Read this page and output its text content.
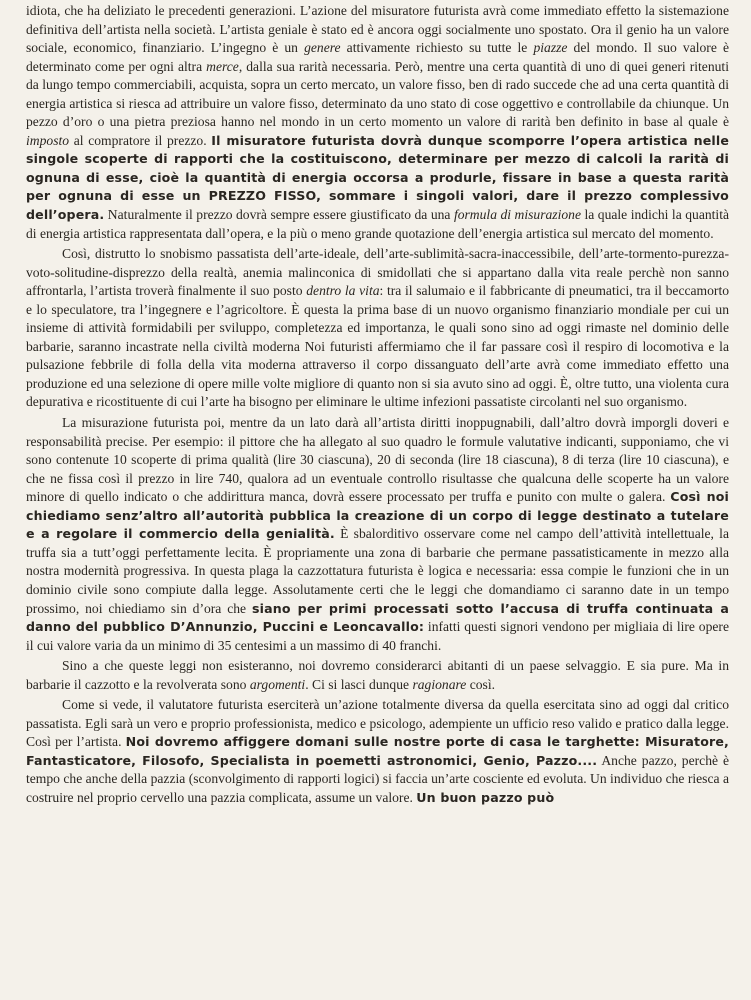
idiota, che ha deliziato le precedenti generazioni. L’azione del misuratore futurista avrà come immediato effetto la sistemazione definitiva dell’artista nella società. L’artista geniale è stato ed è ancora oggi socialmente uno spostato. Ora il genio ha un valore sociale, economico, finanziario. L’ingegno è un genere attivamente richiesto su tutte le piazze del mondo. Il suo valore è determinato come per ogni altra merce, dalla sua rarità necessaria. Però, mentre una certa quantità di uno di quei generi ritenuti da lungo tempo commerciabili, acquista, sopra un certo mercato, un valore fisso, ben di rado succede che ad una certa quantità di energia artistica si riesca ad attribuire un valore fisso, determinato da uno stato di cose oggettivo e controllabile da chiunque. Un pezzo d’oro o una pietra preziosa hanno nel mondo in un certo momento un valore di rarità ben definito in base al quale è imposto al compratore il prezzo. Il misuratore futurista dovrà dunque scomporre l’opera artistica nelle singole scoperte di rapporti che la costituiscono, determinare per mezzo di calcoli la rarità di ognuna di esse, cioè la quantità di energia occorsa a produrle, fissare in base a questa rarità per ognuna di esse un PREZZO FISSO, sommare i singoli valori, dare il prezzo complessivo dell’opera. Naturalmente il prezzo dovrà sempre essere giustificato da una formula di misurazione la quale indichi la quantità di energia artistica rappresentata dall’opera, e la più o meno grande quotazione dell’energia artistica sul mercato del momento.

Così, distrutto lo snobismo passatista dell’arte-ideale, dell’arte-sublimità-sacra-inaccessibile, dell’arte-tormento-purezza-voto-solitudine-disprezzo della realtà, anemia malinconica di smidollati che si appartano dalla vita reale perchè non sanno affrontarla, l’artista troverà finalmente il suo posto dentro la vita: tra il salumaio e il fabbricante di pneumatici, tra il beccamorto e lo speculatore, tra l’ingegnere e l’agricoltore. È questa la prima base di un nuovo organismo finanziario mondiale per cui un insieme di attività formidabili per sviluppo, completezza ed importanza, le quali sono sino ad oggi rimaste nel dominio delle barbarie, saranno incastrate nella civiltà moderna Noi futuristi affermiamo che il far passare così il respiro di locomotiva e la pulsazione febbrile di folla della vita moderna attraverso il corpo dissanguato dell’arte avrà come immediato effetto una produzione ed una selezione di opere mille volte migliore di quanto non si sia avuto sino ad oggi. È, oltre tutto, una violenta cura depurativa e ricostituente di cui l’arte ha bisogno per eliminare le ultime infezioni passatiste circolanti nel suo organismo.

La misurazione futurista poi, mentre da un lato darà all’artista diritti inoppugnabili, dall’altro dovrà imporgli doveri e responsabilità precise. Per esempio: il pittore che ha allegato al suo quadro le formule valutative indicanti, supponiamo, che vi sono contenute 10 scoperte di prima qualità (lire 30 ciascuna), 20 di seconda (lire 18 ciascuna), 8 di terza (lire 10 ciascuna), e che ne fissa così il prezzo in lire 740, qualora ad un eventuale controllo risultasse che qualcuna delle scoperte ha un valore minore di quello indicato o che addirittura manca, dovrà essere processato per truffa e punito con multe o galera. Così noi chiediamo senz’altro all’autorità pubblica la creazione di un corpo di legge destinato a tutelare e a regolare il commercio della genialità. È sbalorditivo osservare come nel campo dell’attività intellettuale, la truffa sia a tutt’oggi perfettamente lecita. È propriamente una zona di barbarie che permane passatisticamente in mezzo alla nostra modernità progressiva. In questa plaga la cazzottatura futurista è logica e necessaria: essa compie le funzioni che in un dominio civile sono compiute dalla legge. Assolutamente certi che le leggi che domandiamo ci saranno date in un tempo prossimo, noi chiediamo sin d’ora che siano per primi processati sotto l’accusa di truffa continuata a danno del pubblico D’Annunzio, Puccini e Leoncavallo: infatti questi signori vendono per migliaia di lire opere il cui valore varia da un minimo di 35 centesimi a un massimo di 40 franchi.

Sino a che queste leggi non esisteranno, noi dovremo considerarci abitanti di un paese selvaggio. E sia pure. Ma in barbarie il cazzotto e la revolverata sono argomenti. Ci si lasci dunque ragionare così.

Come si vede, il valutatore futurista eserciterà un’azione totalmente diversa da quella esercitata sino ad oggi dal critico passatista. Egli sarà un vero e proprio professionista, medico e psicologo, adempiente un ufficio reso valido e pratico dalla legge. Così per l’artista. Noi dovremo affiggere domani sulle nostre porte di casa le targhette: Misuratore, Fantasticatore, Filosofo, Specialista in poemetti astronomici, Genio, Pazzo.... Anche pazzo, perchè è tempo che anche della pazzia (sconvolgimento di rapporti logici) si faccia un’arte cosciente ed evoluta. Un individuo che riesca a costruire nel proprio cervello una pazzia complicata, assume un valore. Un buon pazzo può
